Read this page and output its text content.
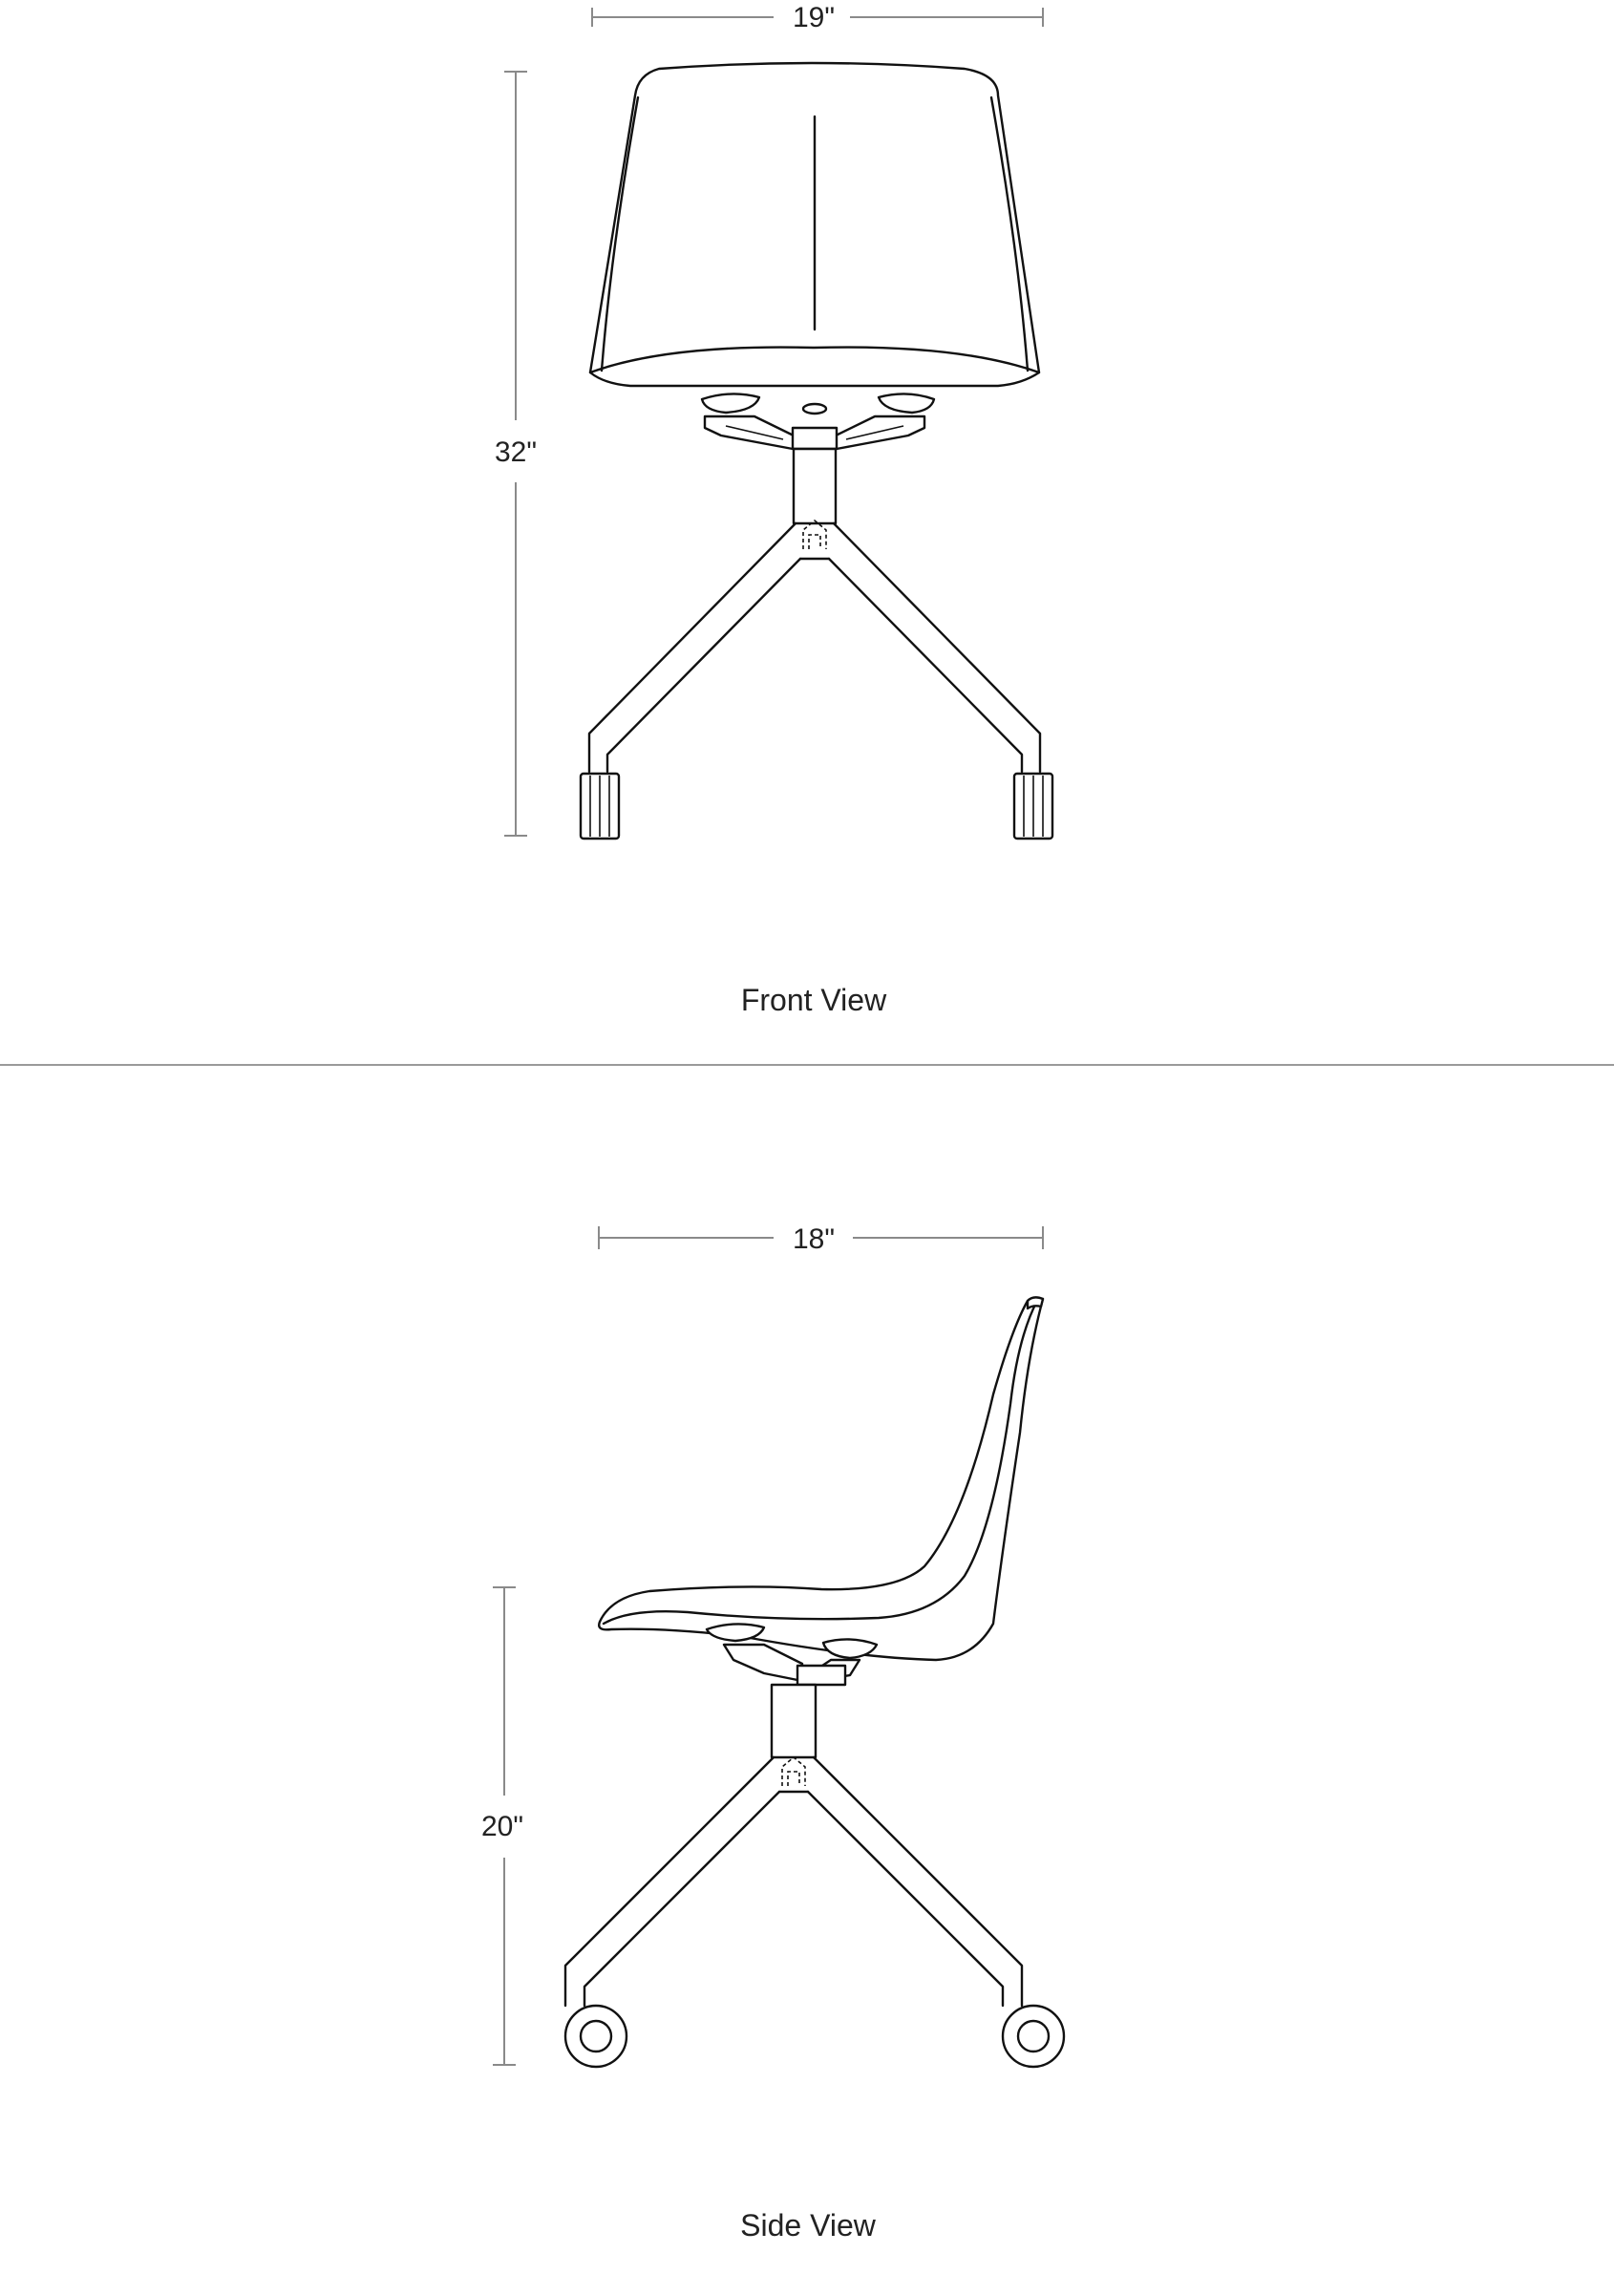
19"
32"
Front View
18"
20"
Side View
